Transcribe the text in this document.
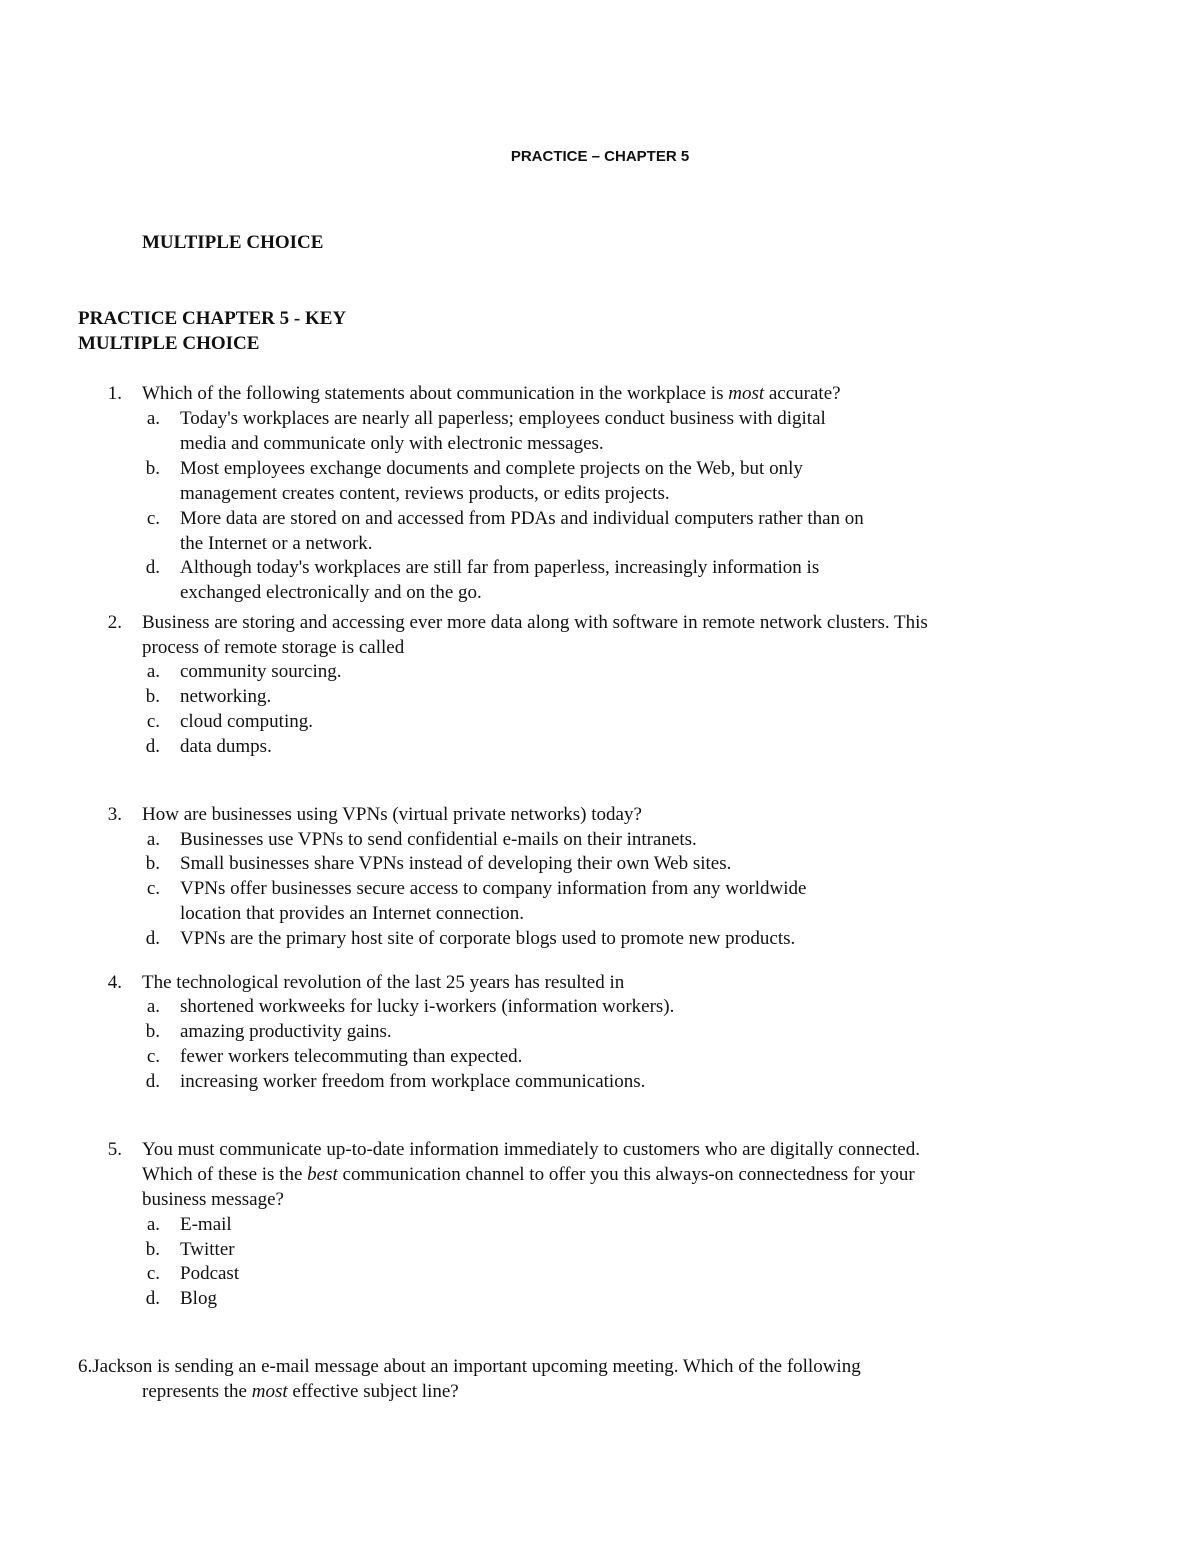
PRACTICE – CHAPTER 5
MULTIPLE CHOICE
PRACTICE CHAPTER 5 - KEY
MULTIPLE CHOICE
1. Which of the following statements about communication in the workplace is most accurate?
a. Today's workplaces are nearly all paperless; employees conduct business with digital
media and communicate only with electronic messages.
b. Most employees exchange documents and complete projects on the Web, but only
management creates content, reviews products, or edits projects.
c. More data are stored on and accessed from PDAs and individual computers rather than on
the Internet or a network.
d. Although today's workplaces are still far from paperless, increasingly information is
exchanged electronically and on the go.
2. Business are storing and accessing ever more data along with software in remote network clusters. This
process of remote storage is called
a. community sourcing.
b. networking.
c. cloud computing.
d. data dumps.
3. How are businesses using VPNs (virtual private networks) today?
a. Businesses use VPNs to send confidential e-mails on their intranets.
b. Small businesses share VPNs instead of developing their own Web sites.
c. VPNs offer businesses secure access to company information from any worldwide
location that provides an Internet connection.
d. VPNs are the primary host site of corporate blogs used to promote new products.
4. The technological revolution of the last 25 years has resulted in
a. shortened workweeks for lucky i-workers (information workers).
b. amazing productivity gains.
c. fewer workers telecommuting than expected.
d. increasing worker freedom from workplace communications.
5. You must communicate up-to-date information immediately to customers who are digitally connected.
Which of these is the best communication channel to offer you this always-on connectedness for your
business message?
a. E-mail
b. Twitter
c. Podcast
d. Blog
6.Jackson is sending an e-mail message about an important upcoming meeting. Which of the following
represents the most effective subject line?
